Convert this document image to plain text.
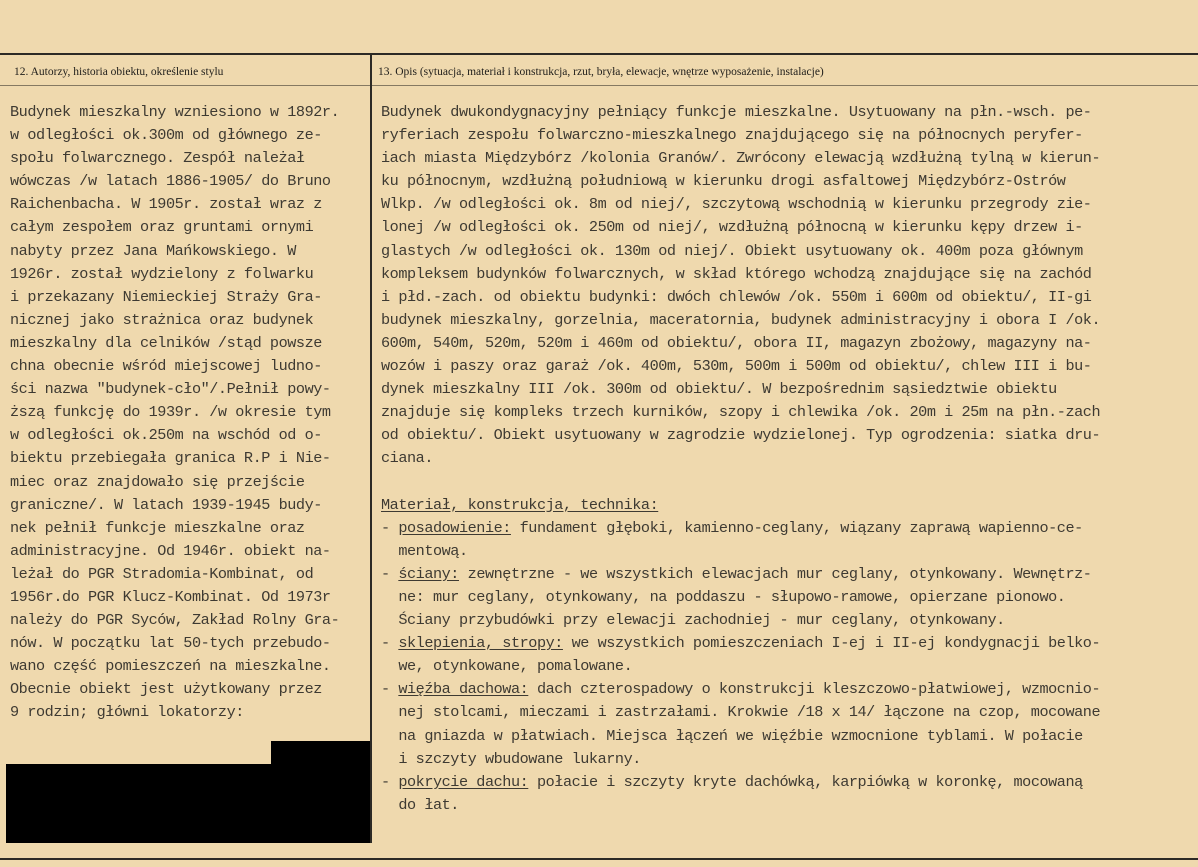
12. Autorzy, historia obiektu, określenie stylu	13. Opis (sytuacja, materiał i konstrukcja, rzut, bryła, elewacje, wnętrze wyposażenie, instalacje)
Budynek mieszkalny wzniesiono w 1892r.
w odległości ok.300m od głównego ze-
społu folwarcznego. Zespół należał
wówczas /w latach 1886-1905/ do Bruno
Raichenbacha. W 1905r. został wraz z
całym zespołem oraz gruntami ornymi
nabyty przez Jana Mańkowskiego. W
1926r. został wydzielony z folwarku
i przekazany Niemieckiej Straży Gra-
nicznej jako strażnica oraz budynek
mieszkalny dla celników /stąd powsze
chna obecnie wśród miejscowej ludno-
ści nazwa "budynek-cło"/.Pełnił powy-
ższą funkcję do 1939r. /w okresie tym
w odległości ok.250m na wschód od o-
biektu przebiegała granica R.P i Nie-
miec oraz znajdowało się przejście
graniczne/. W latach 1939-1945 budy-
nek pełnił funkcje mieszkalne oraz
administracyjne. Od 1946r. obiekt na-
leżał do PGR Stradomia-Kombinat, od
1956r.do PGR Klucz-Kombinat. Od 1973r
należy do PGR Syców, Zakład Rolny Gra-
nów. W początku lat 50-tych przebudo-
wano część pomieszczeń na mieszkalne.
Obecnie obiekt jest użytkowany przez
9 rodzin; główni lokatorzy:
Budynek dwukondygnacyjny pełniący funkcje mieszkalne. Usytuowany na płn.-wsch. pe-
ryferiach zespołu folwarczno-mieszkalnego znajdującego się na północnych peryfer-
iach miasta Międzybórz /kolonia Granów/. Zwrócony elewacją wzdłużną tylną w kierun-
ku północnym, wzdłużną południową w kierunku drogi asfaltowej Międzybórz-Ostrów
Wlkp. /w odległości ok. 8m od niej/, szczytową wschodnią w kierunku przegrody zie-
lonej /w odległości ok. 250m od niej/, wzdłużną północną w kierunku kępy drzew i-
glastych /w odległości ok. 130m od niej/. Obiekt usytuowany ok. 400m poza głównym
kompleksem budynków folwarcznych, w skład którego wchodzą znajdujące się na zachód
i płd.-zach. od obiektu budynki: dwóch chlewów /ok. 550m i 600m od obiektu/, II-gi
budynek mieszkalny, gorzelnia, maceratornia, budynek administracyjny i obora I /ok.
600m, 540m, 520m, 520m i 460m od obiektu/, obora II, magazyn zbożowy, magazyny na-
wozów i paszy oraz garaż /ok. 400m, 530m, 500m i 500m od obiektu/, chlew III i bu-
dynek mieszkalny III /ok. 300m od obiektu/. W bezpośrednim sąsiedztwie obiektu
znajduje się kompleks trzech kurników, szopy i chlewika /ok. 20m i 25m na płn.-zach
od obiektu/. Obiekt usytuowany w zagrodzie wydzielonej. Typ ogrodzenia: siatka dru-
ciana.
Materiał, konstrukcja, technika:
- posadowienie: fundament głęboki, kamienno-ceglany, wiązany zaprawą wapienno-ce-
mentową.
- ściany: zewnętrzne - we wszystkich elewacjach mur ceglany, otynkowany. Wewnętrz-
ne: mur ceglany, otynkowany, na poddaszu - słupowo-ramowe, opierzane pionowo.
Ściany przybudówki przy elewacji zachodniej - mur ceglany, otynkowany.
- sklepienia, stropy: we wszystkich pomieszczeniach I-ej i II-ej kondygnacji belko-
we, otynkowane, pomalowane.
- więźba dachowa: dach czterospadowy o konstrukcji kleszczowo-płatwiowej, wzmocnio-
nej stolcami, mieczami i zastrzałami. Krokwie /18 x 14/ łączone na czop, mocowane
na gniazda w płatwiach. Miejsca łączeń we więźbie wzmocnione tyblami. W połacie
i szczyty wbudowane lukarny.
- pokrycie dachu: połacie i szczyty kryte dachówką, karpiówką w koronkę, mocowaną
do łat.
